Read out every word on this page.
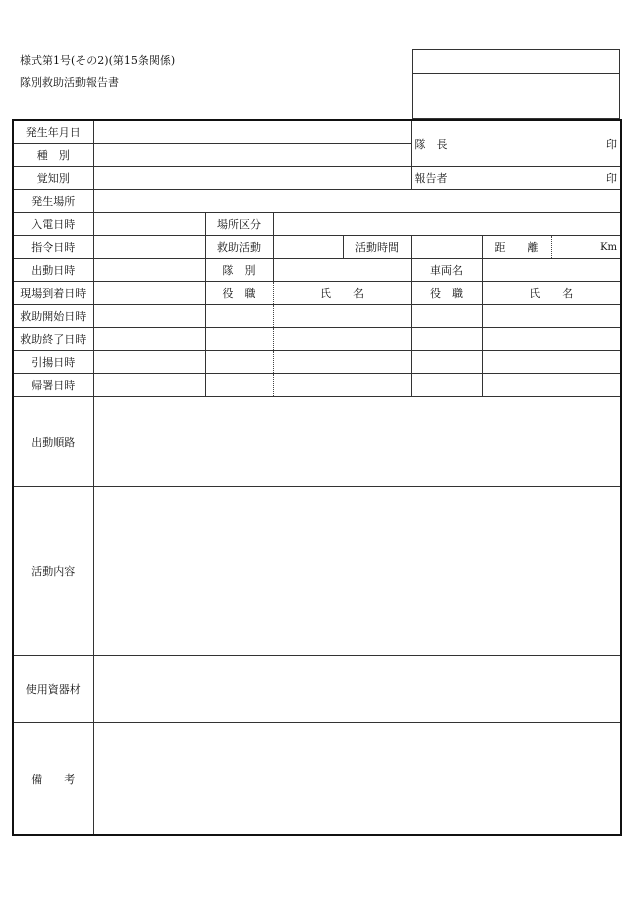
様式第1号(その2)(第15条関係)
隊別救助活動報告書
発生年月日					隊　長 印		

種　別							
覚知別					報告者 印		

発生場所							
入電日時		場所区分					
指令日時		救助活動		活動時間		距　　離	Km
出動日時		隊　別			車両名		
現場到着日時		役　職	氏　　名		役　職	氏　　名	
救助開始日時							
救助終了日時							
引揚日時							
帰署日時							
出動順路							
活動内容							
使用資器材							
備　　考							
